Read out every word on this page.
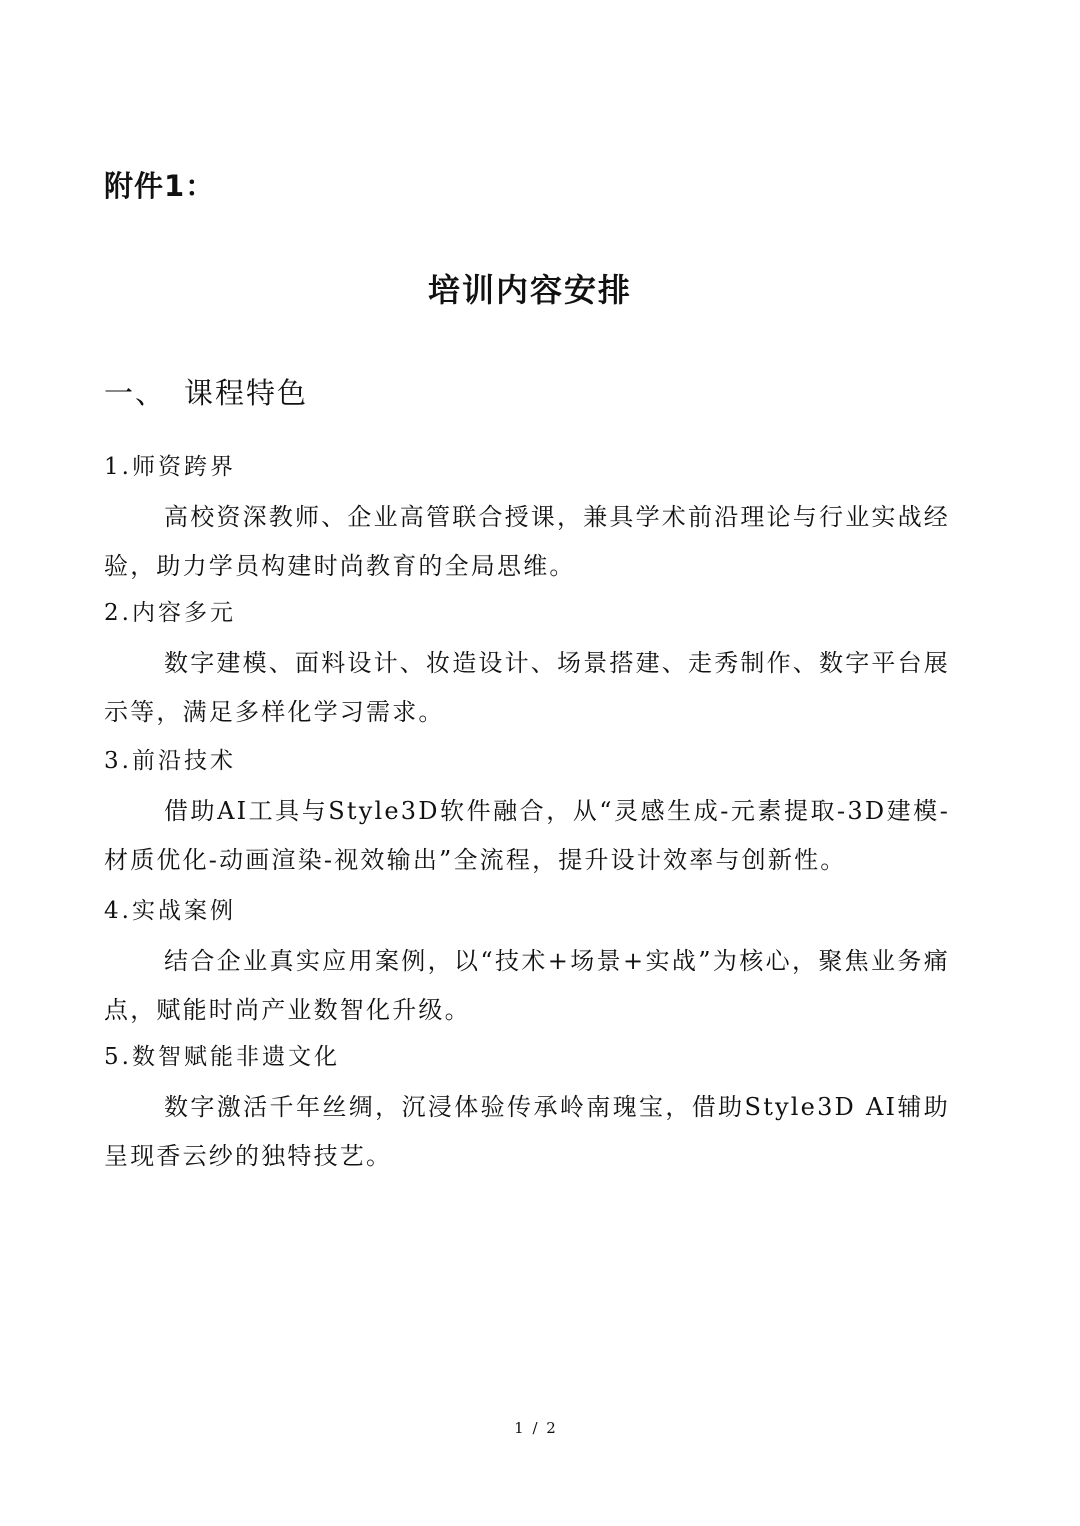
附件1：
培训内容安排
一、 课程特色
1.师资跨界
高校资深教师、企业高管联合授课，兼具学术前沿理论与行业实战经验，助力学员构建时尚教育的全局思维。
2.内容多元
数字建模、面料设计、妆造设计、场景搭建、走秀制作、数字平台展示等，满足多样化学习需求。
3.前沿技术
借助AI工具与Style3D软件融合，从“灵感生成-元素提取-3D建模-材质优化-动画渲染-视效输出”全流程，提升设计效率与创新性。
4.实战案例
结合企业真实应用案例，以“技术+场景+实战”为核心，聚焦业务痛点，赋能时尚产业数智化升级。
5.数智赋能非遗文化
数字激活千年丝绸，沉浸体验传承岭南瑰宝，借助Style3D AI辅助呈现香云纱的独特技艺。
1 / 2
